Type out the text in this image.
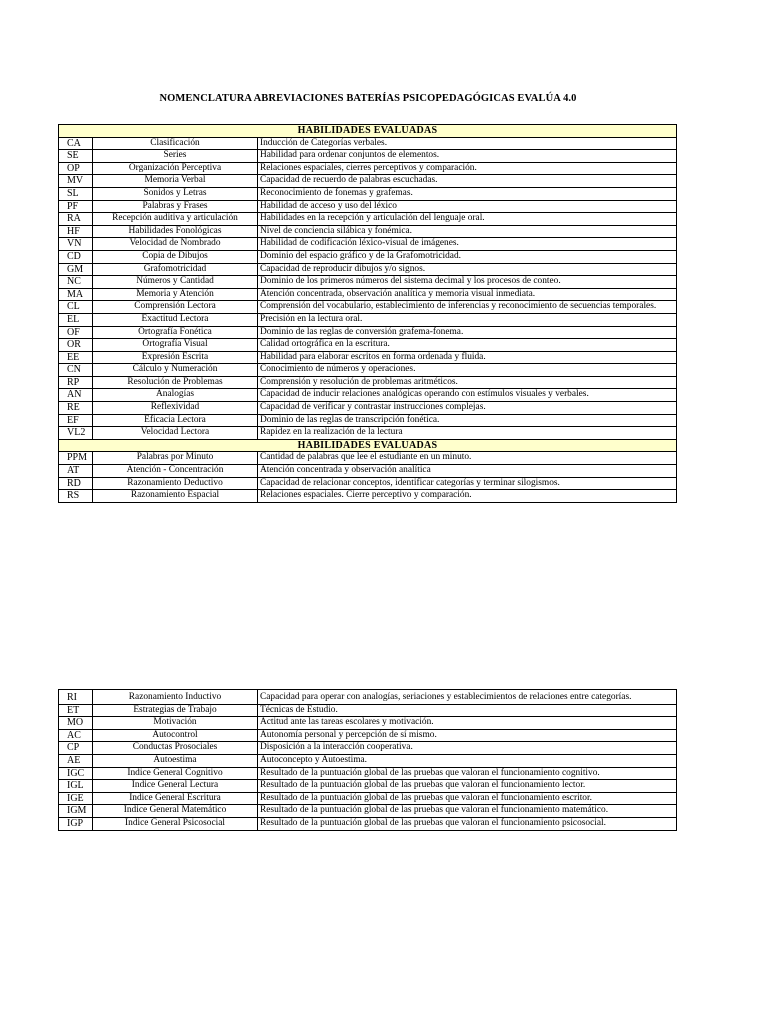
NOMENCLATURA ABREVIACIONES BATERÍAS PSICOPEDAGÓGICAS EVALÚA 4.0
HABILIDADES EVALUADAS		
CA	Clasificación	Inducción de Categorías verbales.
SE	Series	Habilidad para ordenar conjuntos de elementos.
OP	Organización Perceptiva	Relaciones espaciales, cierres perceptivos y comparación.
MV	Memoria Verbal	Capacidad de recuerdo de palabras escuchadas.
SL	Sonidos y Letras	Reconocimiento de fonemas y grafemas.
PF	Palabras y Frases	Habilidad de acceso y uso del léxico
RA	Recepción auditiva y articulación	Habilidades en la recepción y articulación del lenguaje oral.
HF	Habilidades Fonológicas	Nivel de conciencia silábica y fonémica.
VN	Velocidad de Nombrado	Habilidad de codificación léxico-visual de imágenes.
CD	Copia de Dibujos	Dominio del espacio gráfico y de la Grafomotricidad.
GM	Grafomotricidad	Capacidad de reproducir dibujos y/o signos.
NC	Números y Cantidad	Dominio de los primeros números del sistema decimal y los procesos de conteo.
MA	Memoria y Atención	Atención concentrada, observación analítica y memoria visual inmediata.
CL	Comprensión Lectora	Comprensión del vocabulario, establecimiento de inferencias y reconocimiento de secuencias temporales.
EL	Exactitud Lectora	Precisión en la lectura oral.
OF	Ortografía Fonética	Dominio de las reglas de conversión grafema-fonema.
OR	Ortografía Visual	Calidad ortográfica en la escritura.
EE	Expresión Escrita	Habilidad para elaborar escritos en forma ordenada y fluida.
CN	Cálculo y Numeración	Conocimiento de números y operaciones.
RP	Resolución de Problemas	Comprensión y resolución de problemas aritméticos.
AN	Analogías	Capacidad de inducir relaciones analógicas operando con estímulos visuales y verbales.
RE	Reflexividad	Capacidad de verificar y contrastar instrucciones complejas.
EF	Eficacia Lectora	Dominio de las reglas de transcripción fonética.
VL2	Velocidad Lectora	Rapidez en la realización de la lectura
HABILIDADES EVALUADAS		
PPM	Palabras por Minuto	Cantidad de palabras que lee el estudiante en un minuto.
AT	Atención - Concentración	Atención concentrada y observación analítica
RD	Razonamiento Deductivo	Capacidad de relacionar conceptos, identificar categorías y terminar silogismos.
RS	Razonamiento Espacial	Relaciones espaciales. Cierre perceptivo y comparación.
RI	Razonamiento Inductivo	Capacidad para operar con analogías, seriaciones y establecimientos de relaciones entre categorías.
ET	Estrategias de Trabajo	Técnicas de Estudio.
MO	Motivación	Actitud ante las tareas escolares y motivación.
AC	Autocontrol	Autonomía personal y percepción de sí mismo.
CP	Conductas Prosociales	Disposición a la interacción cooperativa.
AE	Autoestima	Autoconcepto y Autoestima.
IGC	Índice General Cognitivo	Resultado de la puntuación global de las pruebas que valoran el funcionamiento cognitivo.
IGL	Índice General Lectura	Resultado de la puntuación global de las pruebas que valoran el funcionamiento lector.
IGE	Índice General Escritura	Resultado de la puntuación global de las pruebas que valoran el funcionamiento escritor.
IGM	Índice General Matemático	Resultado de la puntuación global de las pruebas que valoran el funcionamiento matemático.
IGP	Índice General Psicosocial	Resultado de la puntuación global de las pruebas que valoran el funcionamiento psicosocial.
